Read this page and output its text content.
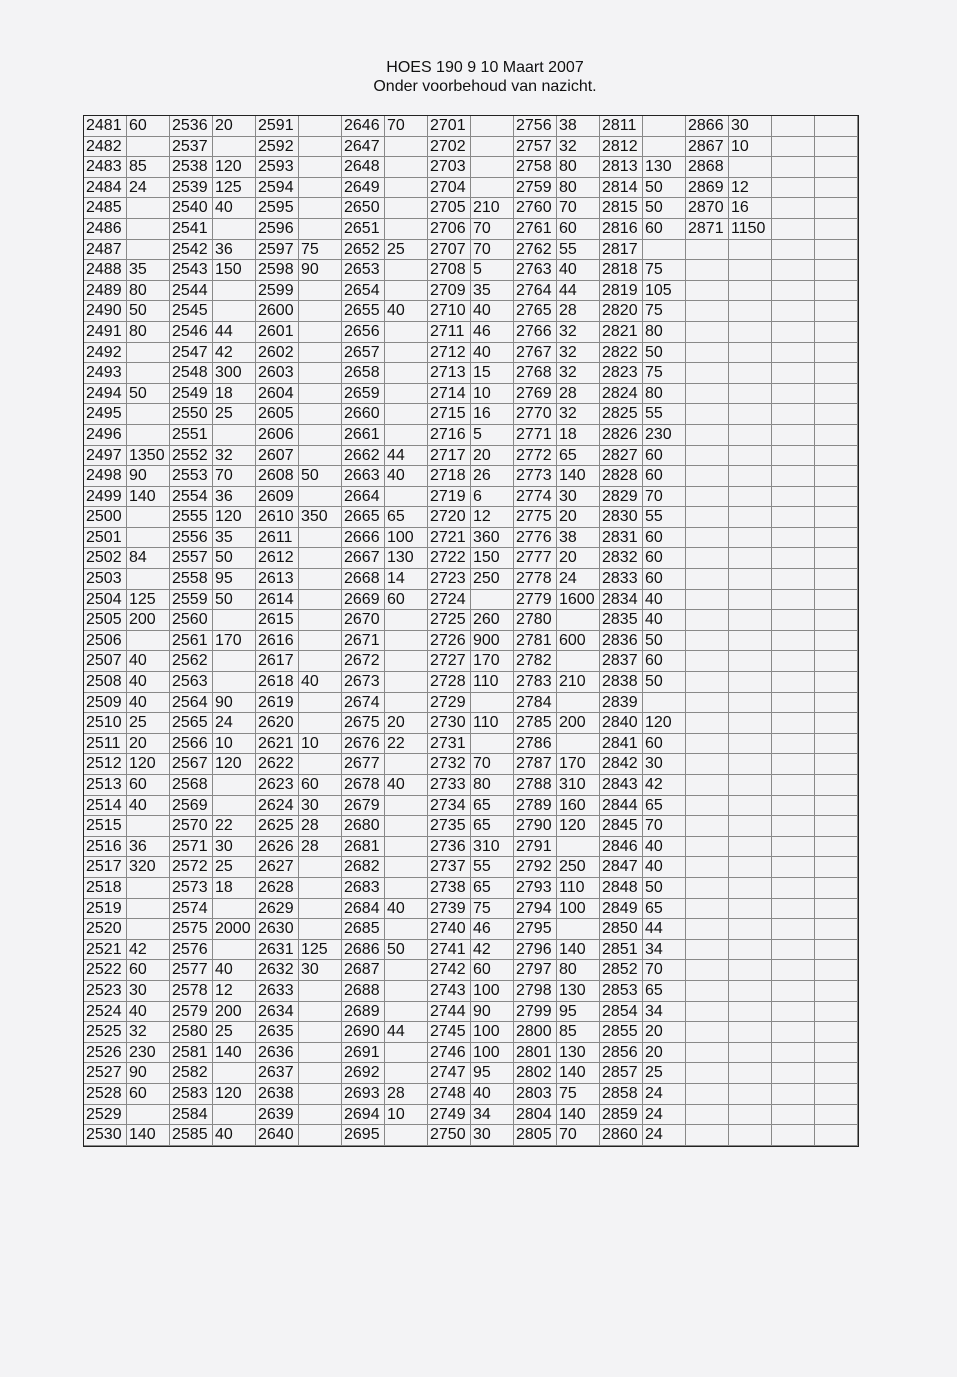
HOES 190 9 10 Maart 2007
Onder voorbehoud van nazicht.
2481 60	2536 20	2591	2646 70	2701	2756 38	2811	2866 30
2482	2537	2592	2647	2702	2757 32	2812	2867 10
2483 85	2538 120	2593	2648	2703	2758 80	2813 130	2868
2484 24	2539 125	2594	2649	2704	2759 80	2814 50	2869 12
2485	2540 40	2595	2650	2705 210	2760 70	2815 50	2870 16
2486	2541	2596	2651	2706 70	2761 60	2816 60	2871 1150
2487	2542 36	2597 75	2652 25	2707 70	2762 55	2817
2488 35	2543 150	2598 90	2653	2708 5	2763 40	2818 75
2489 80	2544	2599	2654	2709 35	2764 44	2819 105
2490 50	2545	2600	2655 40	2710 40	2765 28	2820 75
2491 80	2546 44	2601	2656	2711 46	2766 32	2821 80
2492	2547 42	2602	2657	2712 40	2767 32	2822 50
2493	2548 300	2603	2658	2713 15	2768 32	2823 75
2494 50	2549 18	2604	2659	2714 10	2769 28	2824 80
2495	2550 25	2605	2660	2715 16	2770 32	2825 55
2496	2551	2606	2661	2716 5	2771 18	2826 230
2497 1350 2552 32	2607	2662 44	2717 20	2772 65	2827 60
2498 90	2553 70	2608 50	2663 40	2718 26	2773 140	2828 60
2499 140	2554 36	2609	2664	2719 6	2774 30	2829 70
2500	2555 120	2610 350	2665 65	2720 12	2775 20	2830 55
2501	2556 35	2611	2666 100	2721 360	2776 38	2831 60
2502 84	2557 50	2612	2667 130	2722 150	2777 20	2832 60
2503	2558 95	2613	2668 14	2723 250	2778 24	2833 60
2504 125	2559 50	2614	2669 60	2724	2779 1600 2834 40
2505 200	2560	2615	2670	2725 260	2780	2835 40
2506	2561 170	2616	2671	2726 900	2781 600	2836 50
2507 40	2562	2617	2672	2727 170	2782	2837 60
2508 40	2563	2618 40	2673	2728 110	2783 210	2838 50
2509 40	2564 90	2619	2674	2729	2784	2839
2510 25	2565 24	2620	2675 20	2730 110	2785 200	2840 120
2511 20	2566 10	2621 10	2676 22	2731	2786	2841 60
2512 120	2567 120	2622	2677	2732 70	2787 170	2842 30
2513 60	2568	2623 60	2678 40	2733 80	2788 310	2843 42
2514 40	2569	2624 30	2679	2734 65	2789 160	2844 65
2515	2570 22	2625 28	2680	2735 65	2790 120	2845 70
2516 36	2571 30	2626 28	2681	2736 310	2791	2846 40
2517 320	2572 25	2627	2682	2737 55	2792 250	2847 40
2518	2573 18	2628	2683	2738 65	2793 110	2848 50
2519	2574	2629	2684 40	2739 75	2794 100	2849 65
2520	2575 2000 2630	2685	2740 46	2795	2850 44
2521 42	2576	2631 125	2686 50	2741 42	2796 140	2851 34
2522 60	2577 40	2632 30	2687	2742 60	2797 80	2852 70
2523 30	2578 12	2633	2688	2743 100	2798 130	2853 65
2524 40	2579 200	2634	2689	2744 90	2799 95	2854 34
2525 32	2580 25	2635	2690 44	2745 100	2800 85	2855 20
2526 230	2581 140	2636	2691	2746 100	2801 130	2856 20
2527 90	2582	2637	2692	2747 95	2802 140	2857 25
2528 60	2583 120	2638	2693 28	2748 40	2803 75	2858 24
2529	2584	2639	2694 10	2749 34	2804 140	2859 24
2530 140	2585 40	2640	2695	2750 30	2805 70	2860 24
